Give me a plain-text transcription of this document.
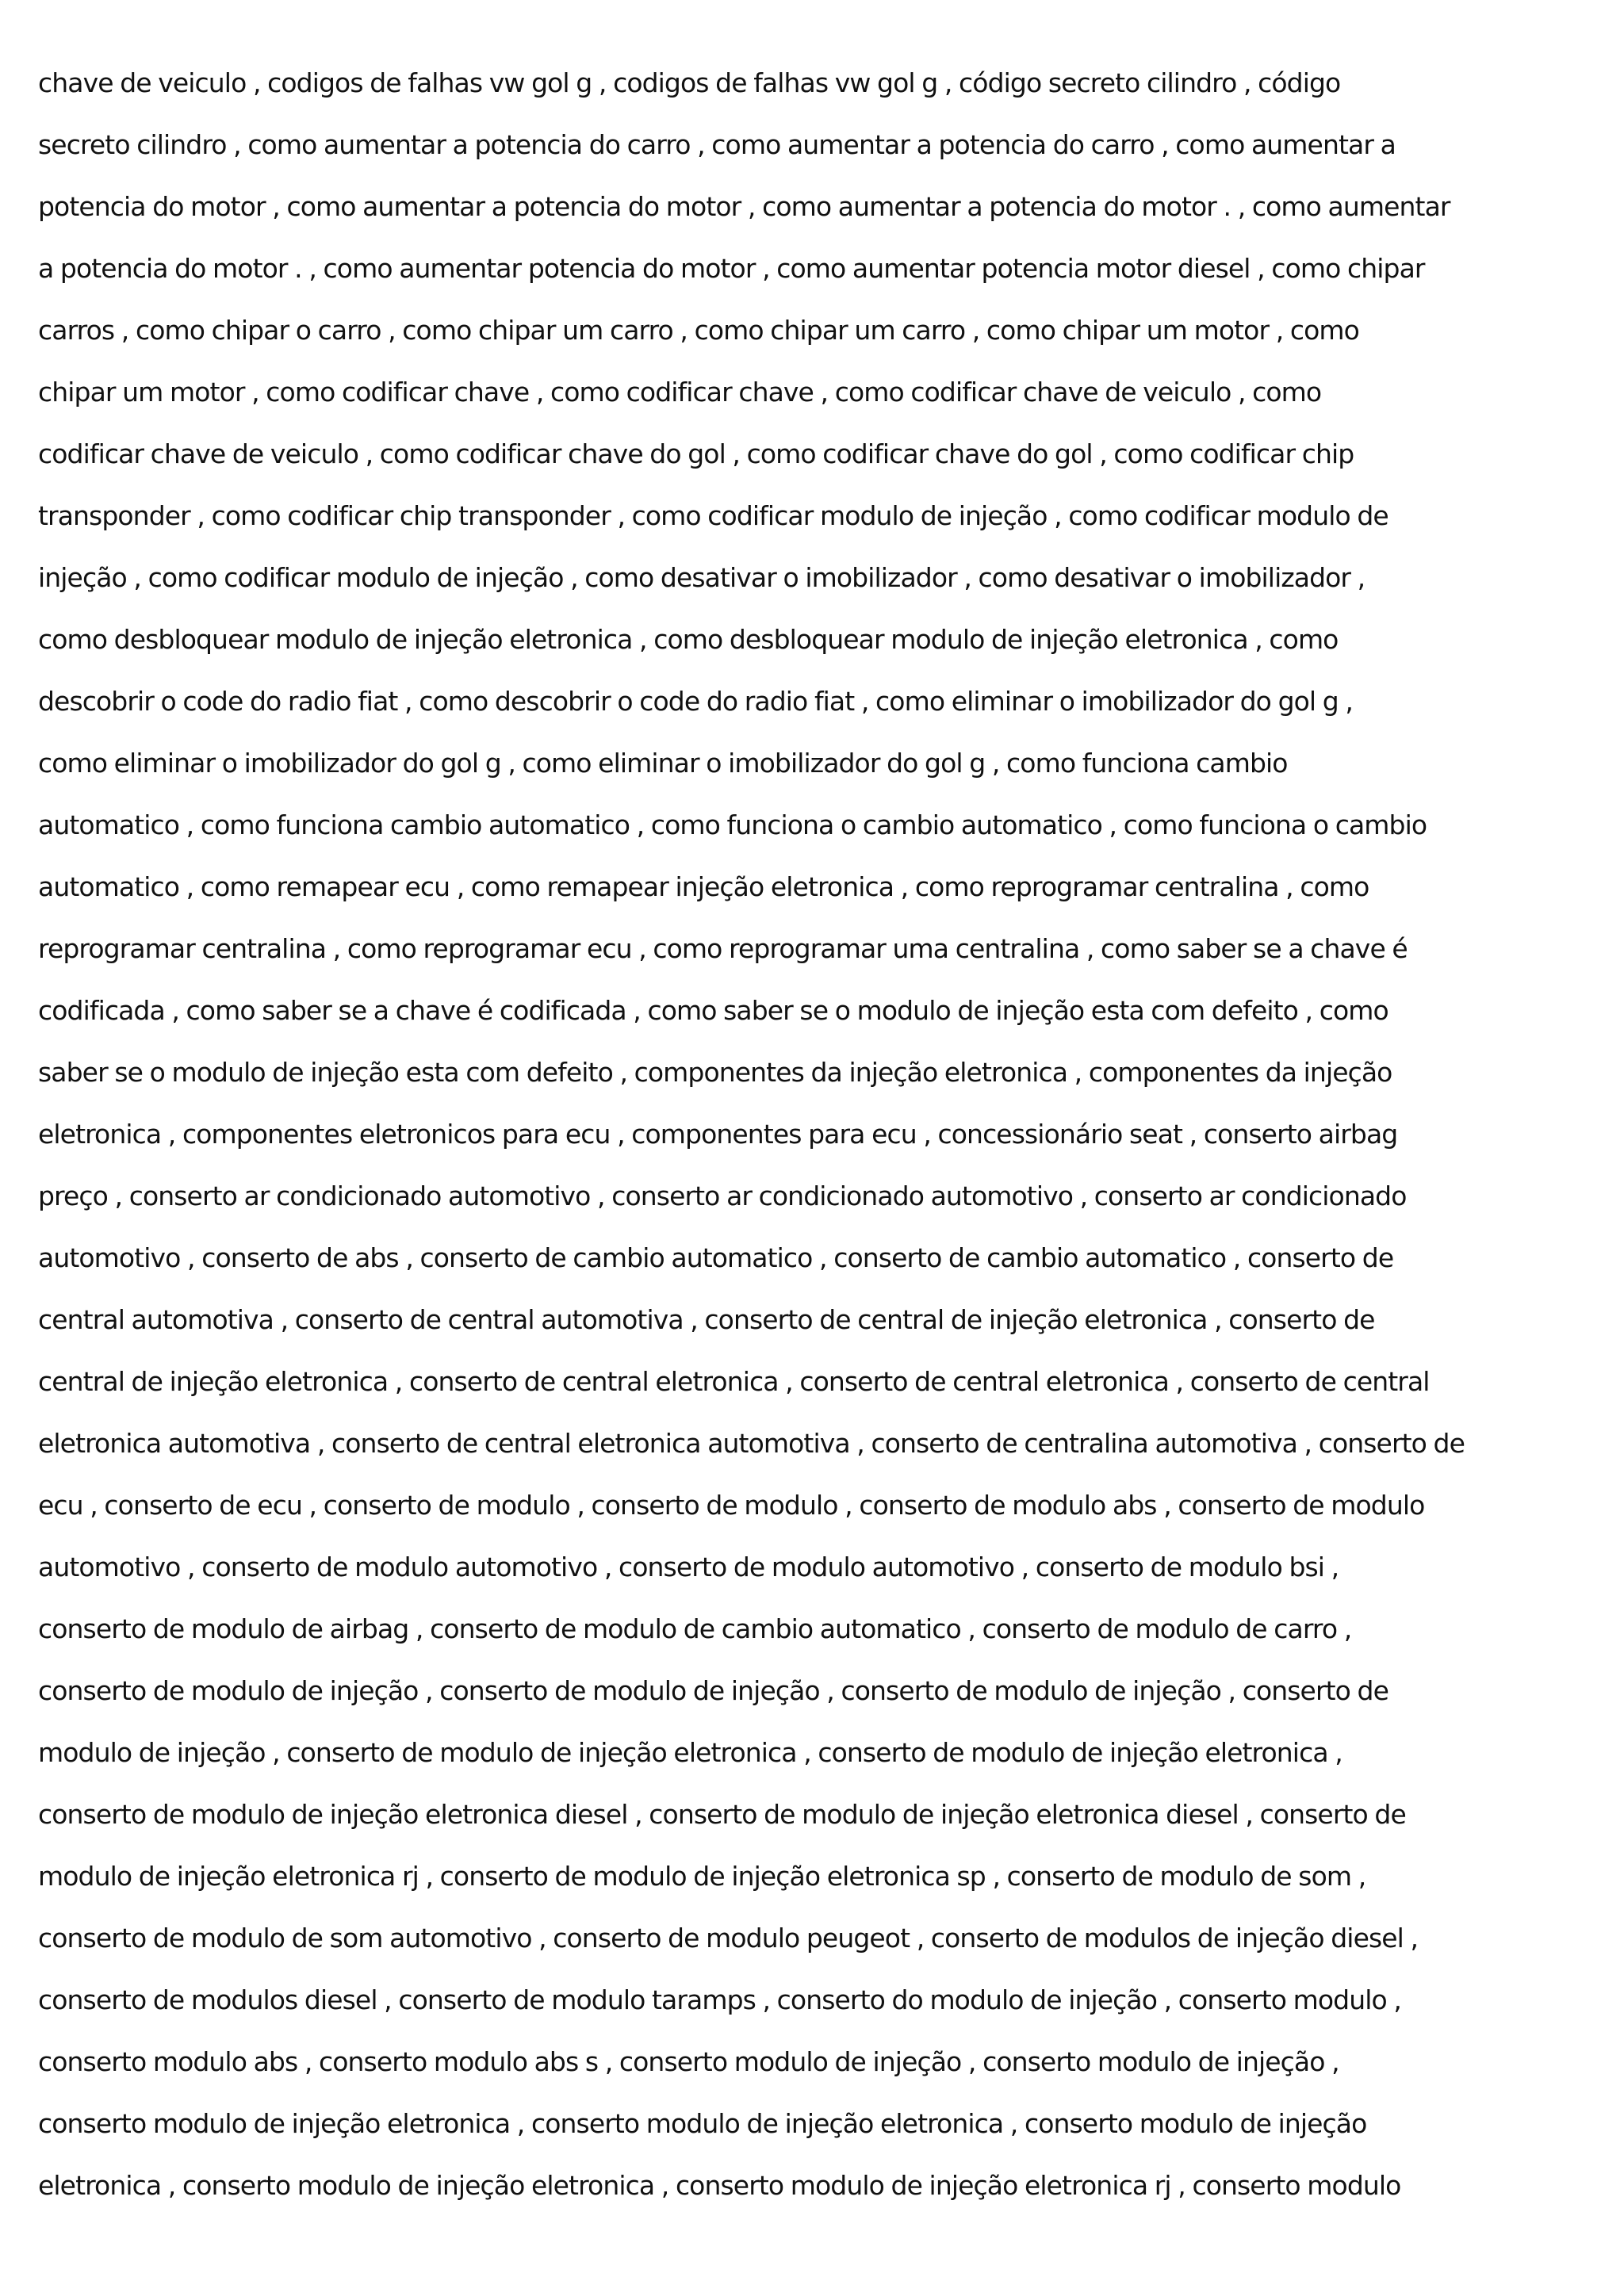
chave de veiculo , codigos de falhas vw gol g , codigos de falhas vw gol g , código secreto cilindro , código
secreto cilindro , como aumentar a potencia do carro , como aumentar a potencia do carro , como aumentar a
potencia do motor , como aumentar a potencia do motor , como aumentar a potencia do motor . , como aumentar
a potencia do motor . , como aumentar potencia do motor , como aumentar potencia motor diesel , como chipar
carros , como chipar o carro , como chipar um carro , como chipar um carro , como chipar um motor , como
chipar um motor , como codificar chave , como codificar chave , como codificar chave de veiculo , como
codificar chave de veiculo , como codificar chave do gol , como codificar chave do gol , como codificar chip
transponder , como codificar chip transponder , como codificar modulo de injeção , como codificar modulo de
injeção , como codificar modulo de injeção , como desativar o imobilizador , como desativar o imobilizador ,
como desbloquear modulo de injeção eletronica , como desbloquear modulo de injeção eletronica , como
descobrir o code do radio fiat , como descobrir o code do radio fiat , como eliminar o imobilizador do gol g ,
como eliminar o imobilizador do gol g , como eliminar o imobilizador do gol g , como funciona cambio
automatico , como funciona cambio automatico , como funciona o cambio automatico , como funciona o cambio
automatico , como remapear ecu , como remapear injeção eletronica , como reprogramar centralina , como
reprogramar centralina , como reprogramar ecu , como reprogramar uma centralina , como saber se a chave é
codificada , como saber se a chave é codificada , como saber se o modulo de injeção esta com defeito , como
saber se o modulo de injeção esta com defeito , componentes da injeção eletronica , componentes da injeção
eletronica , componentes eletronicos para ecu , componentes para ecu , concessionário seat , conserto airbag
preço , conserto ar condicionado automotivo , conserto ar condicionado automotivo , conserto ar condicionado
automotivo , conserto de abs , conserto de cambio automatico , conserto de cambio automatico , conserto de
central automotiva , conserto de central automotiva , conserto de central de injeção eletronica , conserto de
central de injeção eletronica , conserto de central eletronica , conserto de central eletronica , conserto de central
eletronica automotiva , conserto de central eletronica automotiva , conserto de centralina automotiva , conserto de
ecu , conserto de ecu , conserto de modulo , conserto de modulo , conserto de modulo abs , conserto de modulo
automotivo , conserto de modulo automotivo , conserto de modulo automotivo , conserto de modulo bsi ,
conserto de modulo de airbag , conserto de modulo de cambio automatico , conserto de modulo de carro ,
conserto de modulo de injeção , conserto de modulo de injeção , conserto de modulo de injeção , conserto de
modulo de injeção , conserto de modulo de injeção eletronica , conserto de modulo de injeção eletronica ,
conserto de modulo de injeção eletronica diesel , conserto de modulo de injeção eletronica diesel , conserto de
modulo de injeção eletronica rj , conserto de modulo de injeção eletronica sp , conserto de modulo de som ,
conserto de modulo de som automotivo , conserto de modulo peugeot , conserto de modulos de injeção diesel ,
conserto de modulos diesel , conserto de modulo taramps , conserto do modulo de injeção , conserto modulo ,
conserto modulo abs , conserto modulo abs s , conserto modulo de injeção , conserto modulo de injeção ,
conserto modulo de injeção eletronica , conserto modulo de injeção eletronica , conserto modulo de injeção
eletronica , conserto modulo de injeção eletronica , conserto modulo de injeção eletronica rj , conserto modulo
